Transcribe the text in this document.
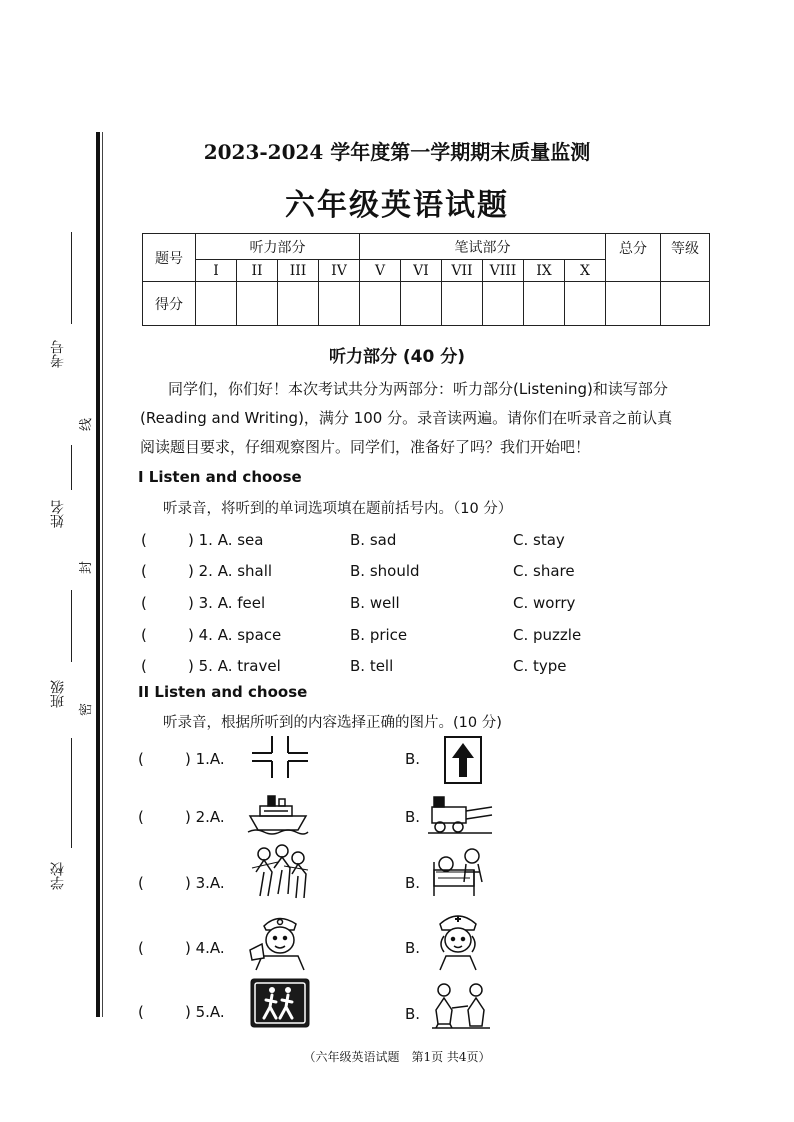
考号
线
姓名
封
班级
密
学校
2023-2024 学年度第一学期期末质量监测
六年级英语试题
题号	听力部分				笔试部分						总分	等级
	I	II	III	IV	V	VI	VII	VIII	IX	X		
得分												
听力部分 (40 分)
同学们，你们好！本次考试共分为两部分：听力部分(Listening)和读写部分
(Reading and Writing)，满分 100 分。录音读两遍。请你们在听录音之前认真
阅读题目要求，仔细观察图片。同学们，准备好了吗？我们开始吧！
I Listen and choose
听录音，将听到的单词选项填在题前括号内。（10 分）
(	) 1. A. sea	B. sad	C. stay
(	) 2. A. shall	B. should	C. share
(	) 3. A. feel	B. well	C. worry
(	) 4. A. space	B. price	C. puzzle
(	) 5. A. travel	B. tell	C. type
II Listen and choose
听录音，根据所听到的内容选择正确的图片。(10 分)
(	) 1.A.	B.
(	) 2.A.	B.
(	) 3.A.	B.
(	) 4.A.	B.
(	) 5.A.	B.
（六年级英语试题　第1页 共4页）
